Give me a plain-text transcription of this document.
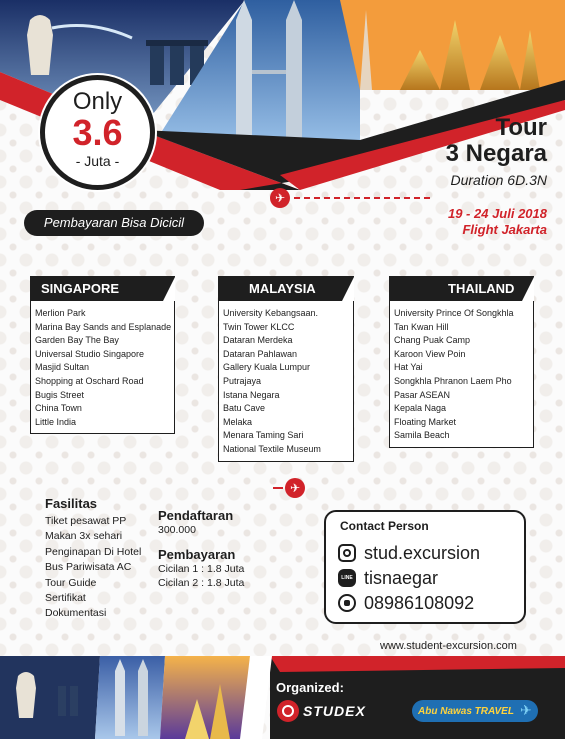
Only
3.6
- Juta -
Pembayaran Bisa Dicicil
Tour
3 Negara
Duration 6D.3N
19 - 24 Juli 2018
Flight Jakarta
✈
SINGAPORE
Merlion Park
Marina Bay Sands and Esplanade
Garden Bay The Bay
Universal Studio Singapore
Masjid Sultan
Shopping at Oschard Road
Bugis Street
China Town
Little India
MALAYSIA
University Kebangsaan.
Twin Tower KLCC
Dataran Merdeka
Dataran Pahlawan
Gallery Kuala Lumpur
Putrajaya
Istana Negara
Batu Cave
Melaka
Menara Taming Sari
National Textile Museum
THAILAND
University Prince Of Songkhla
Tan Kwan Hill
Chang Puak Camp
Karoon View Poin
Hat Yai
Songkhla Phranon Laem Pho
Pasar ASEAN
Kepala Naga
Floating Market
Samila Beach
✈
Fasilitas
Tiket pesawat PP
Makan 3x sehari
Penginapan Di Hotel
Bus Pariwisata AC
Tour Guide
Sertifikat
Dokumentasi
Pendaftaran
300.000
Pembayaran
Cicilan 1 : 1.8 Juta
Cicilan 2 : 1.8 Juta
Contact Person
stud.excursion
LINE tisnaegar
08986108092
www.student-excursion.com
Organized:
STUDEX	Abu Nawas TRAVEL ✈
